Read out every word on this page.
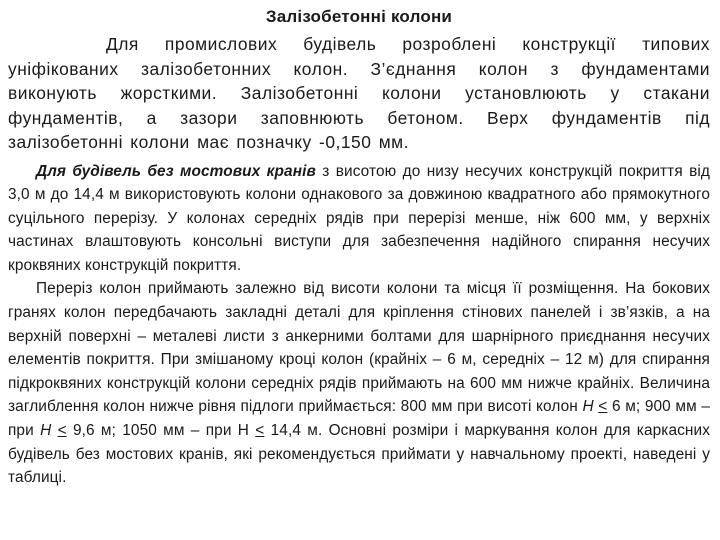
Залізобетонні колони

Для промислових будівель розроблені конструкції типових уніфікованих залізобетонних колон. З’єднання колон з фундаментами виконують жорсткими. Залізобетонні колони установлюють у стакани фундаментів, а зазори заповнюють бетоном. Верх фундаментів під залізобетонні колони має позначку -0,150 мм.

Для будівель без мостових кранів з висотою до низу несучих конструкцій покриття від 3,0 м до 14,4 м використовують колони однакового за довжиною квадратного або прямокутного суцільного перерізу. У колонах середніх рядів при перерізі менше, ніж 600 мм, у верхніх частинах влаштовують консольні виступи для забезпечення надійного спирання несучих кроквяних конструкцій покриття.

Переріз колон приймають залежно від висоти колони та місця її розміщення. На бокових гранях колон передбачають закладні деталі для кріплення стінових панелей і зв’язків, а на верхній поверхні – металеві листи з анкерними болтами для шарнірного приєднання несучих елементів покриття. При змішаному кроці колон (крайніх – 6 м, середніх – 12 м) для спирання підкроквяних конструкцій колони середніх рядів приймають на 600 мм нижче крайніх. Величина заглиблення колон нижче рівня підлоги приймається: 800 мм при висоті колон Н ≤ 6 м; 900 мм – при Н ≤ 9,6 м; 1050 мм – при Н ≤ 14,4 м. Основні розміри і маркування колон для каркасних будівель без мостових кранів, які рекомендується приймати у навчальному проекті, наведені у таблиці.
